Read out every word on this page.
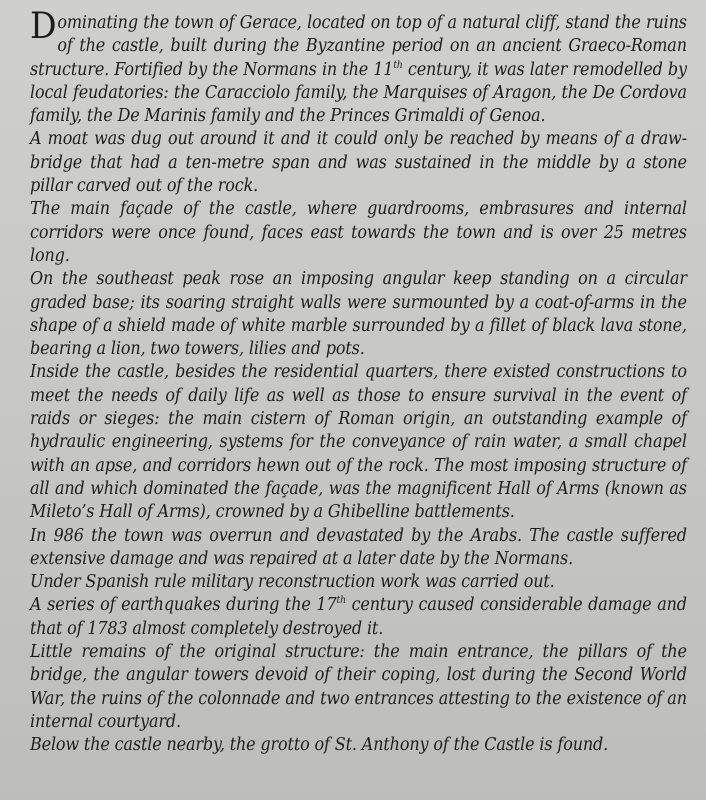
Dominating the town of Gerace, located on top of a natural cliff, stand the ruins of the castle, built during the Byzantine period on an ancient Graeco-Roman structure. Fortified by the Normans in the 11th century, it was later remodelled by local feudatories: the Caracciolo family, the Marquises of Aragon, the De Cordova family, the De Marinis family and the Princes Grimaldi of Genoa.

A moat was dug out around it and it could only be reached by means of a draw-bridge that had a ten-metre span and was sustained in the middle by a stone pillar carved out of the rock.

The main façade of the castle, where guardrooms, embrasures and internal corridors were once found, faces east towards the town and is over 25 metres long.

On the southeast peak rose an imposing angular keep standing on a circular graded base; its soaring straight walls were surmounted by a coat-of-arms in the shape of a shield made of white marble surrounded by a fillet of black lava stone, bearing a lion, two towers, lilies and pots.

Inside the castle, besides the residential quarters, there existed constructions to meet the needs of daily life as well as those to ensure survival in the event of raids or sieges: the main cistern of Roman origin, an outstanding example of hydraulic engineering, systems for the conveyance of rain water, a small chapel with an apse, and corridors hewn out of the rock. The most imposing structure of all and which dominated the façade, was the magnificent Hall of Arms (known as Mileto’s Hall of Arms), crowned by a Ghibelline battlements.

In 986 the town was overrun and devastated by the Arabs. The castle suffered extensive damage and was repaired at a later date by the Normans.

Under Spanish rule military reconstruction work was carried out.

A series of earthquakes during the 17th century caused considerable damage and that of 1783 almost completely destroyed it.

Little remains of the original structure: the main entrance, the pillars of the bridge, the angular towers devoid of their coping, lost during the Second World War, the ruins of the colonnade and two entrances attesting to the existence of an internal courtyard.

Below the castle nearby, the grotto of St. Anthony of the Castle is found.
